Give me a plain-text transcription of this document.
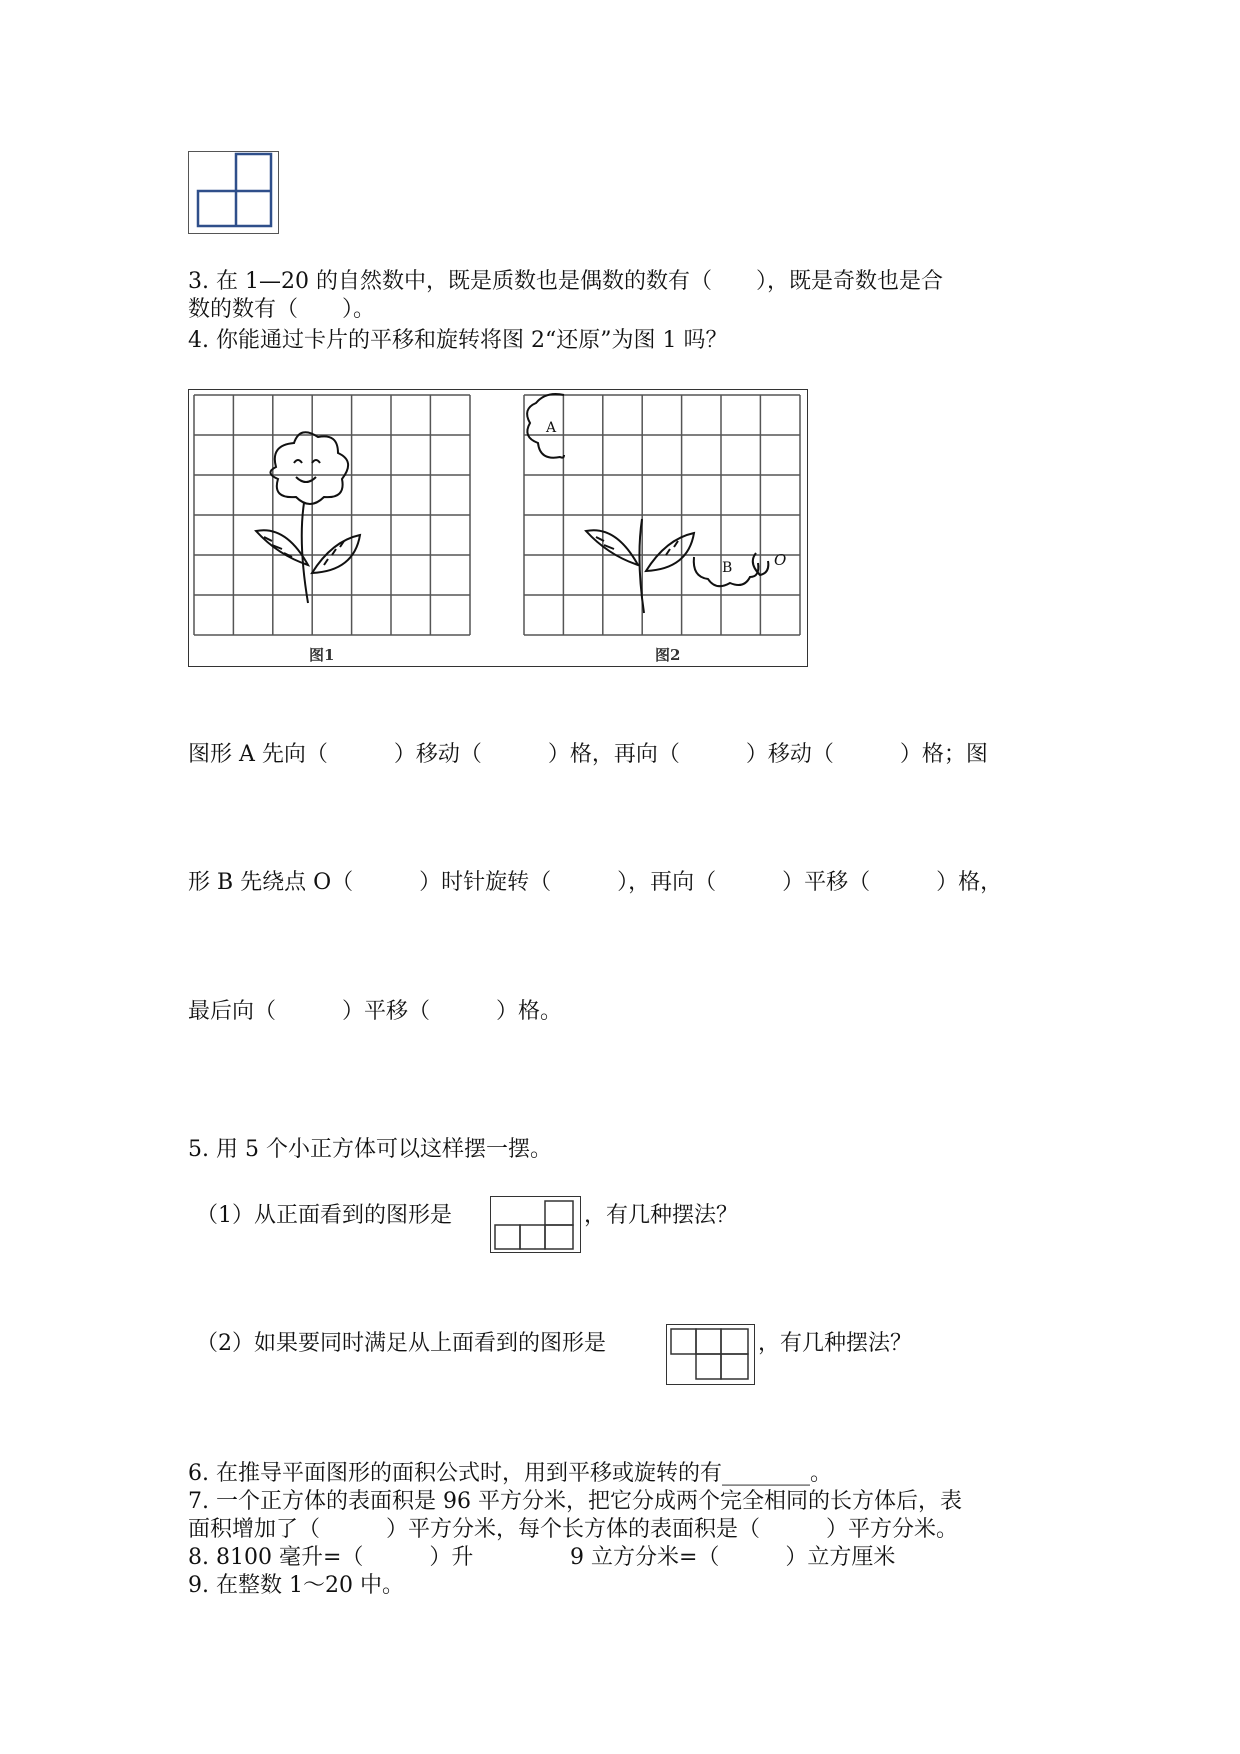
3. 在 1—20 的自然数中，既是质数也是偶数的数有（　　），既是奇数也是合
数的数有（　　）。
4. 你能通过卡片的平移和旋转将图 2“还原”为图 1 吗？
A
B	O
图1	图2
图形 A 先向（　　　）移动（　　　）格，再向（　　　）移动（　　　）格；图
形 B 先绕点 O（　　　）时针旋转（　　　），再向（　　　）平移（　　　）格，
最后向（　　　）平移（　　　）格。
5. 用 5 个小正方体可以这样摆一摆。
（1）从正面看到的图形是	，有几种摆法？
（2）如果要同时满足从上面看到的图形是	，有几种摆法？
6. 在推导平面图形的面积公式时，用到平移或旋转的有________。
7. 一个正方体的表面积是 96 平方分米，把它分成两个完全相同的长方体后，表
面积增加了（　　　）平方分米，每个长方体的表面积是（　　　）平方分米。
8. 8100 毫升=（　　　）升	9 立方分米=（　　　）立方厘米
9. 在整数 1～20 中。
